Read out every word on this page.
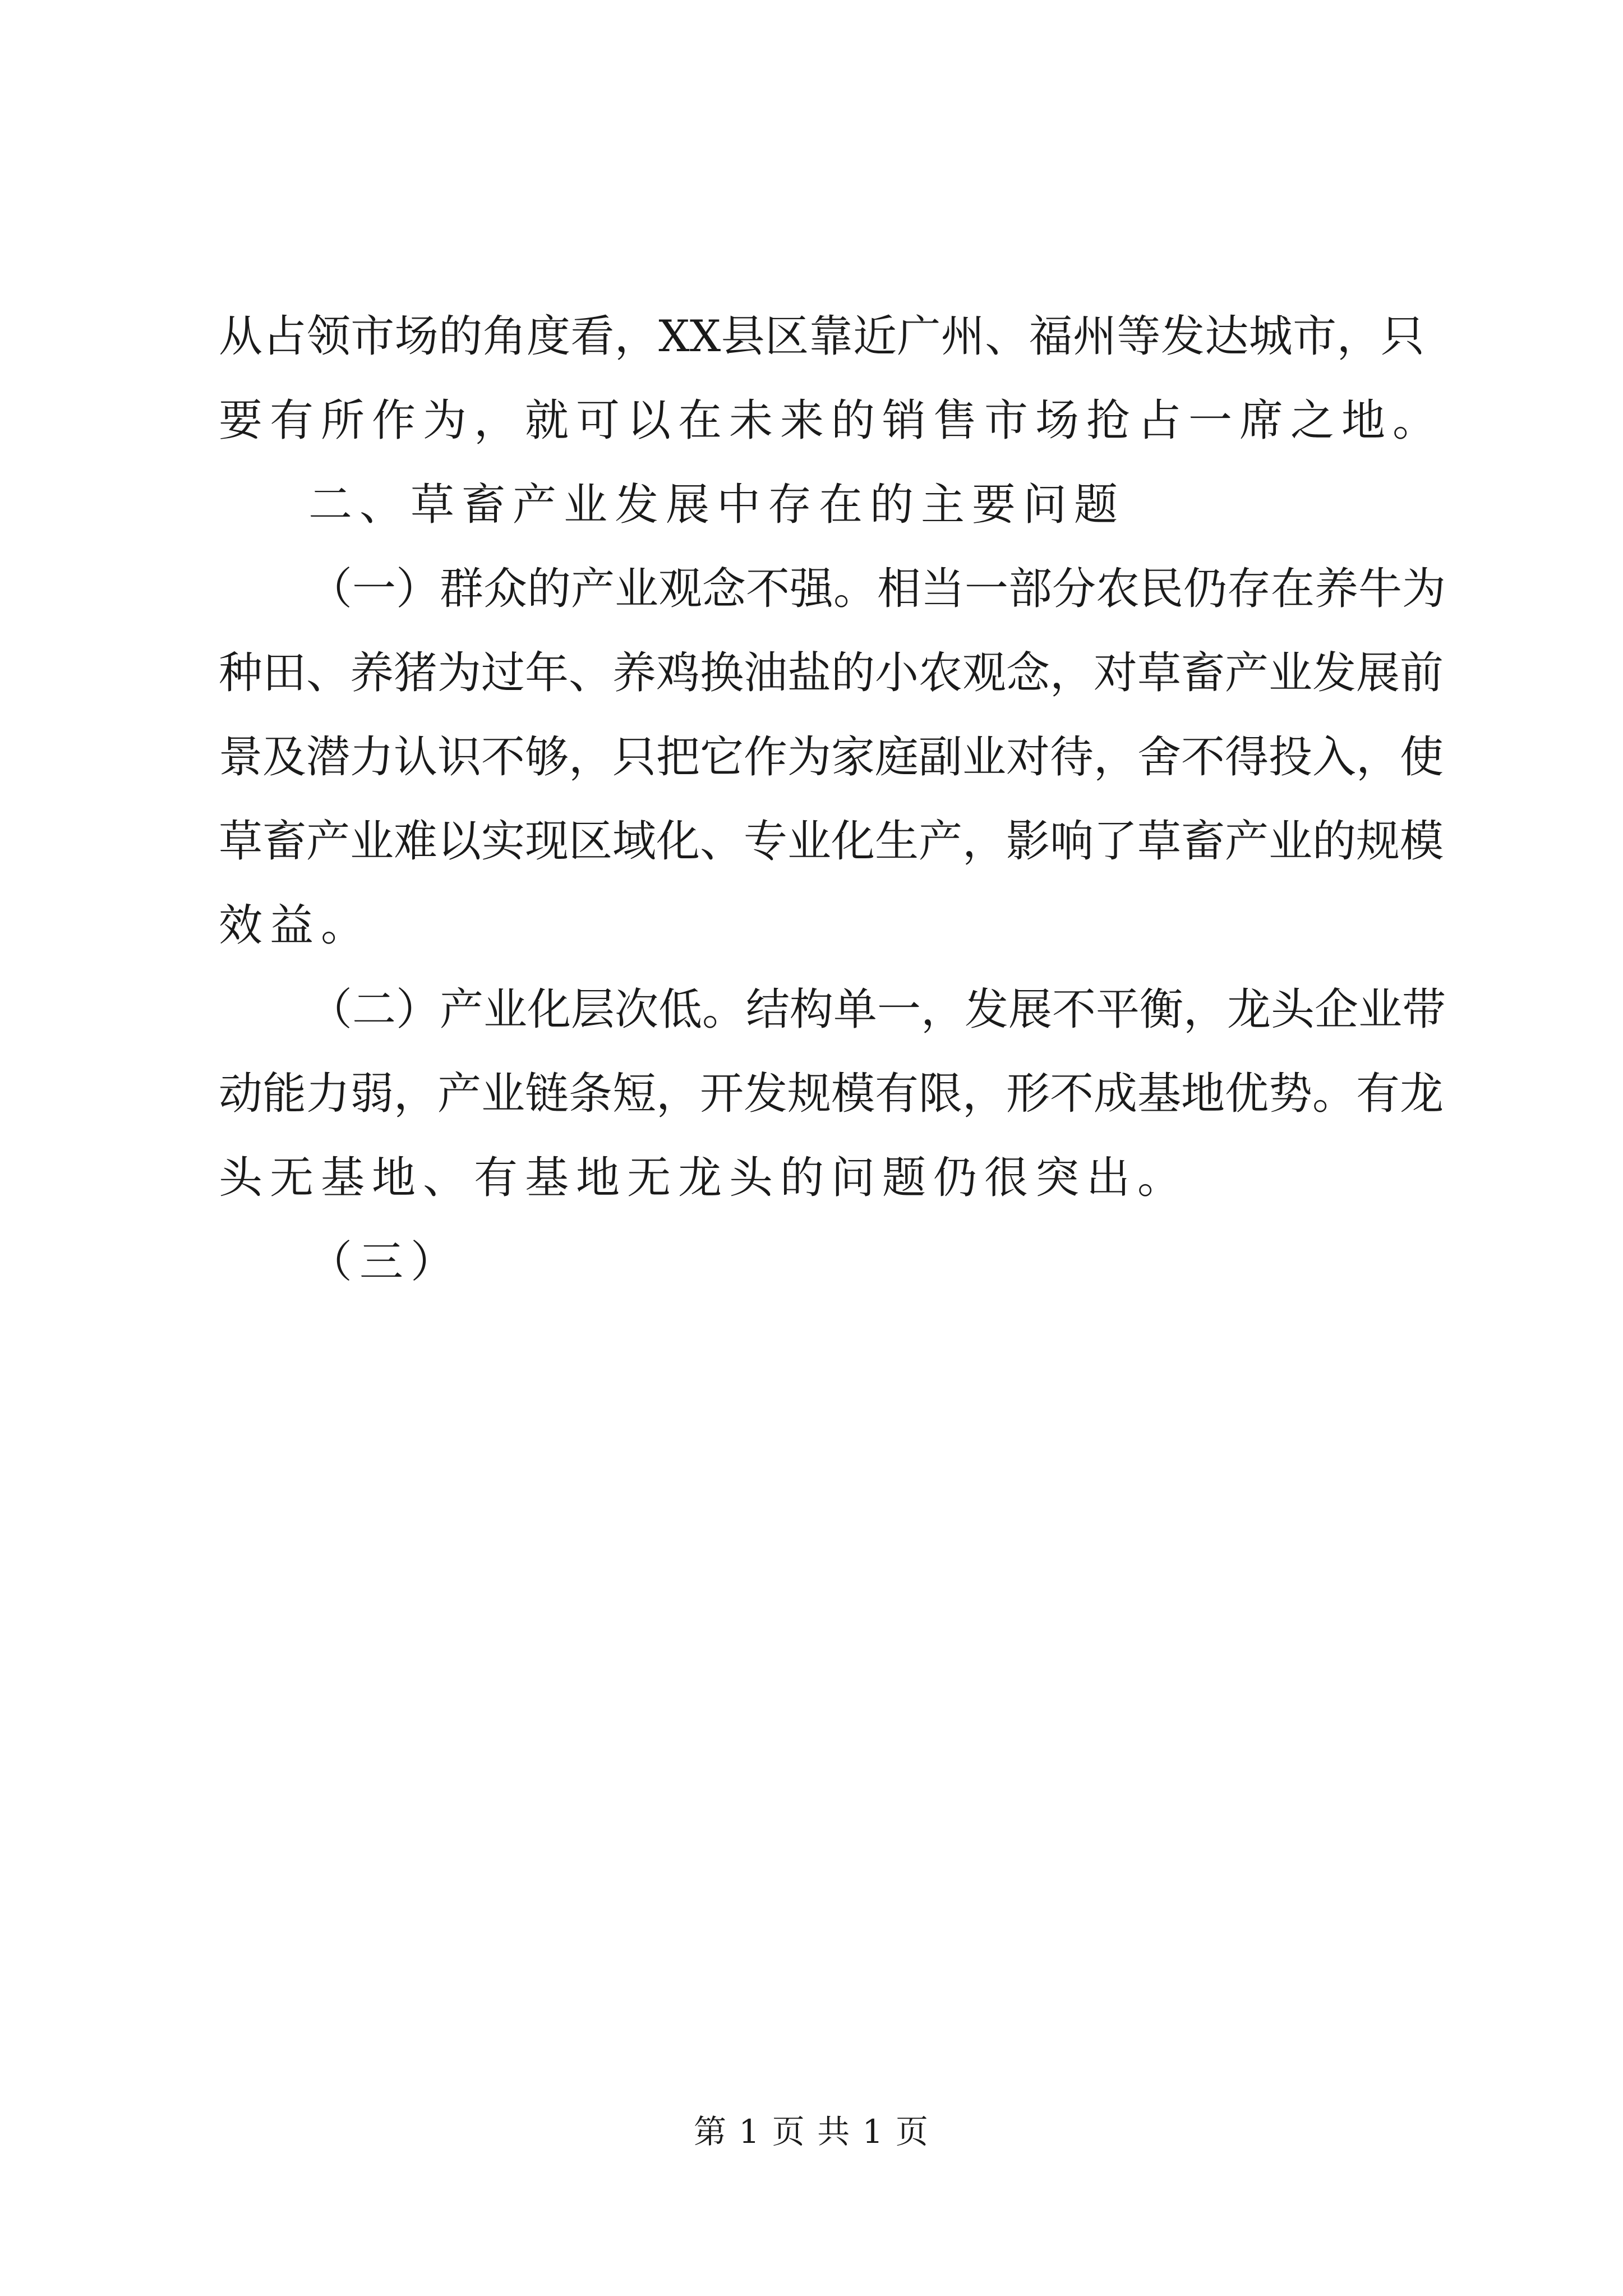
从占领市场的角度看，XX县区靠近广州、福州等发达城市，只
要有所作为，就可以在未来的销售市场抢占一席之地。
二、草畜产业发展中存在的主要问题
（一）群众的产业观念不强。相当一部分农民仍存在养牛为
种田、养猪为过年、养鸡换油盐的小农观念，对草畜产业发展前
景及潜力认识不够，只把它作为家庭副业对待，舍不得投入，使
草畜产业难以实现区域化、专业化生产，影响了草畜产业的规模
效益。
（二）产业化层次低。结构单一，发展不平衡，龙头企业带
动能力弱，产业链条短，开发规模有限，形不成基地优势。有龙
头无基地、有基地无龙头的问题仍很突出。
（三）
第 1 页 共 1 页
